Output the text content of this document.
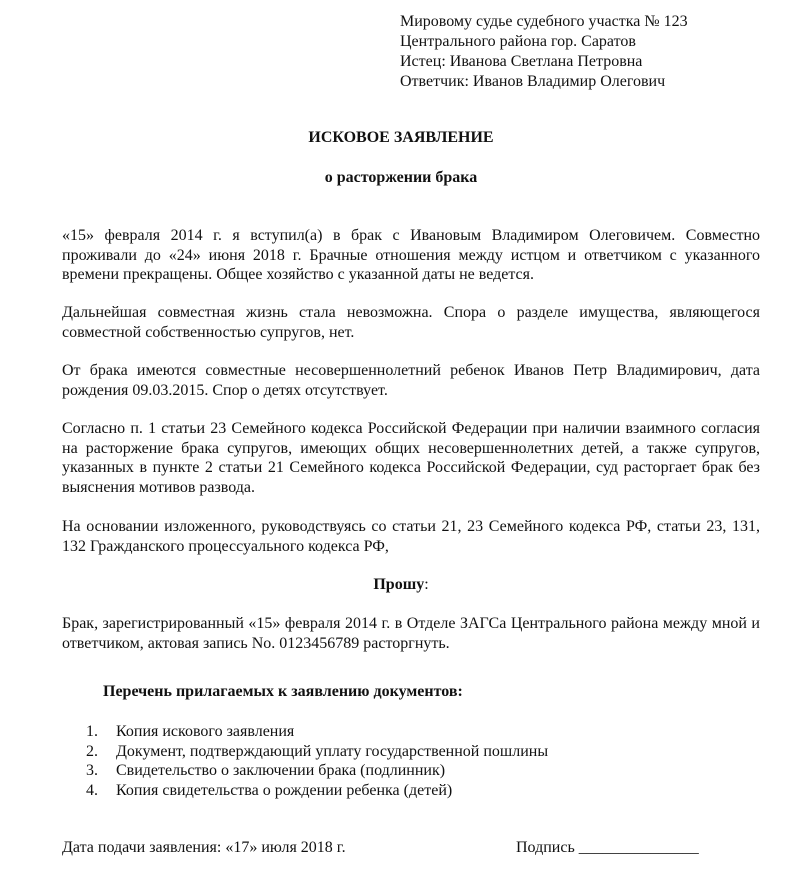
Мировому судье судебного участка № 123
Центрального района гор. Саратов
Истец: Иванова Светлана Петровна
Ответчик: Иванов Владимир Олегович
ИСКОВОЕ ЗАЯВЛЕНИЕ
о расторжении брака
«15» февраля 2014 г. я вступил(а) в брак с Ивановым Владимиром Олеговичем. Совместно проживали до «24» июня 2018 г. Брачные отношения между истцом и ответчиком с указанного времени прекращены. Общее хозяйство с указанной даты не ведется.
Дальнейшая совместная жизнь стала невозможна. Спора о разделе имущества, являющегося совместной собственностью супругов, нет.
От брака имеются совместные несовершеннолетний ребенок Иванов Петр Владимирович, дата рождения 09.03.2015. Спор о детях отсутствует.
Согласно п. 1 статьи 23 Семейного кодекса Российской Федерации при наличии взаимного согласия на расторжение брака супругов, имеющих общих несовершеннолетних детей, а также супругов, указанных в пункте 2 статьи 21 Семейного кодекса Российской Федерации, суд расторгает брак без выяснения мотивов развода.
На основании изложенного, руководствуясь со статьи 21, 23 Семейного кодекса РФ, статьи 23, 131, 132 Гражданского процессуального кодекса РФ,
Прошу:
Брак, зарегистрированный «15» февраля 2014 г. в Отделе ЗАГСа Центрального района между мной и ответчиком, актовая запись No. 0123456789 расторгнуть.
Перечень прилагаемых к заявлению документов:
1. Копия искового заявления
2. Документ, подтверждающий уплату государственной пошлины
3. Свидетельство о заключении брака (подлинник)
4. Копия свидетельства о рождении ребенка (детей)
Дата подачи заявления: «17» июля 2018 г.	Подпись _______________
